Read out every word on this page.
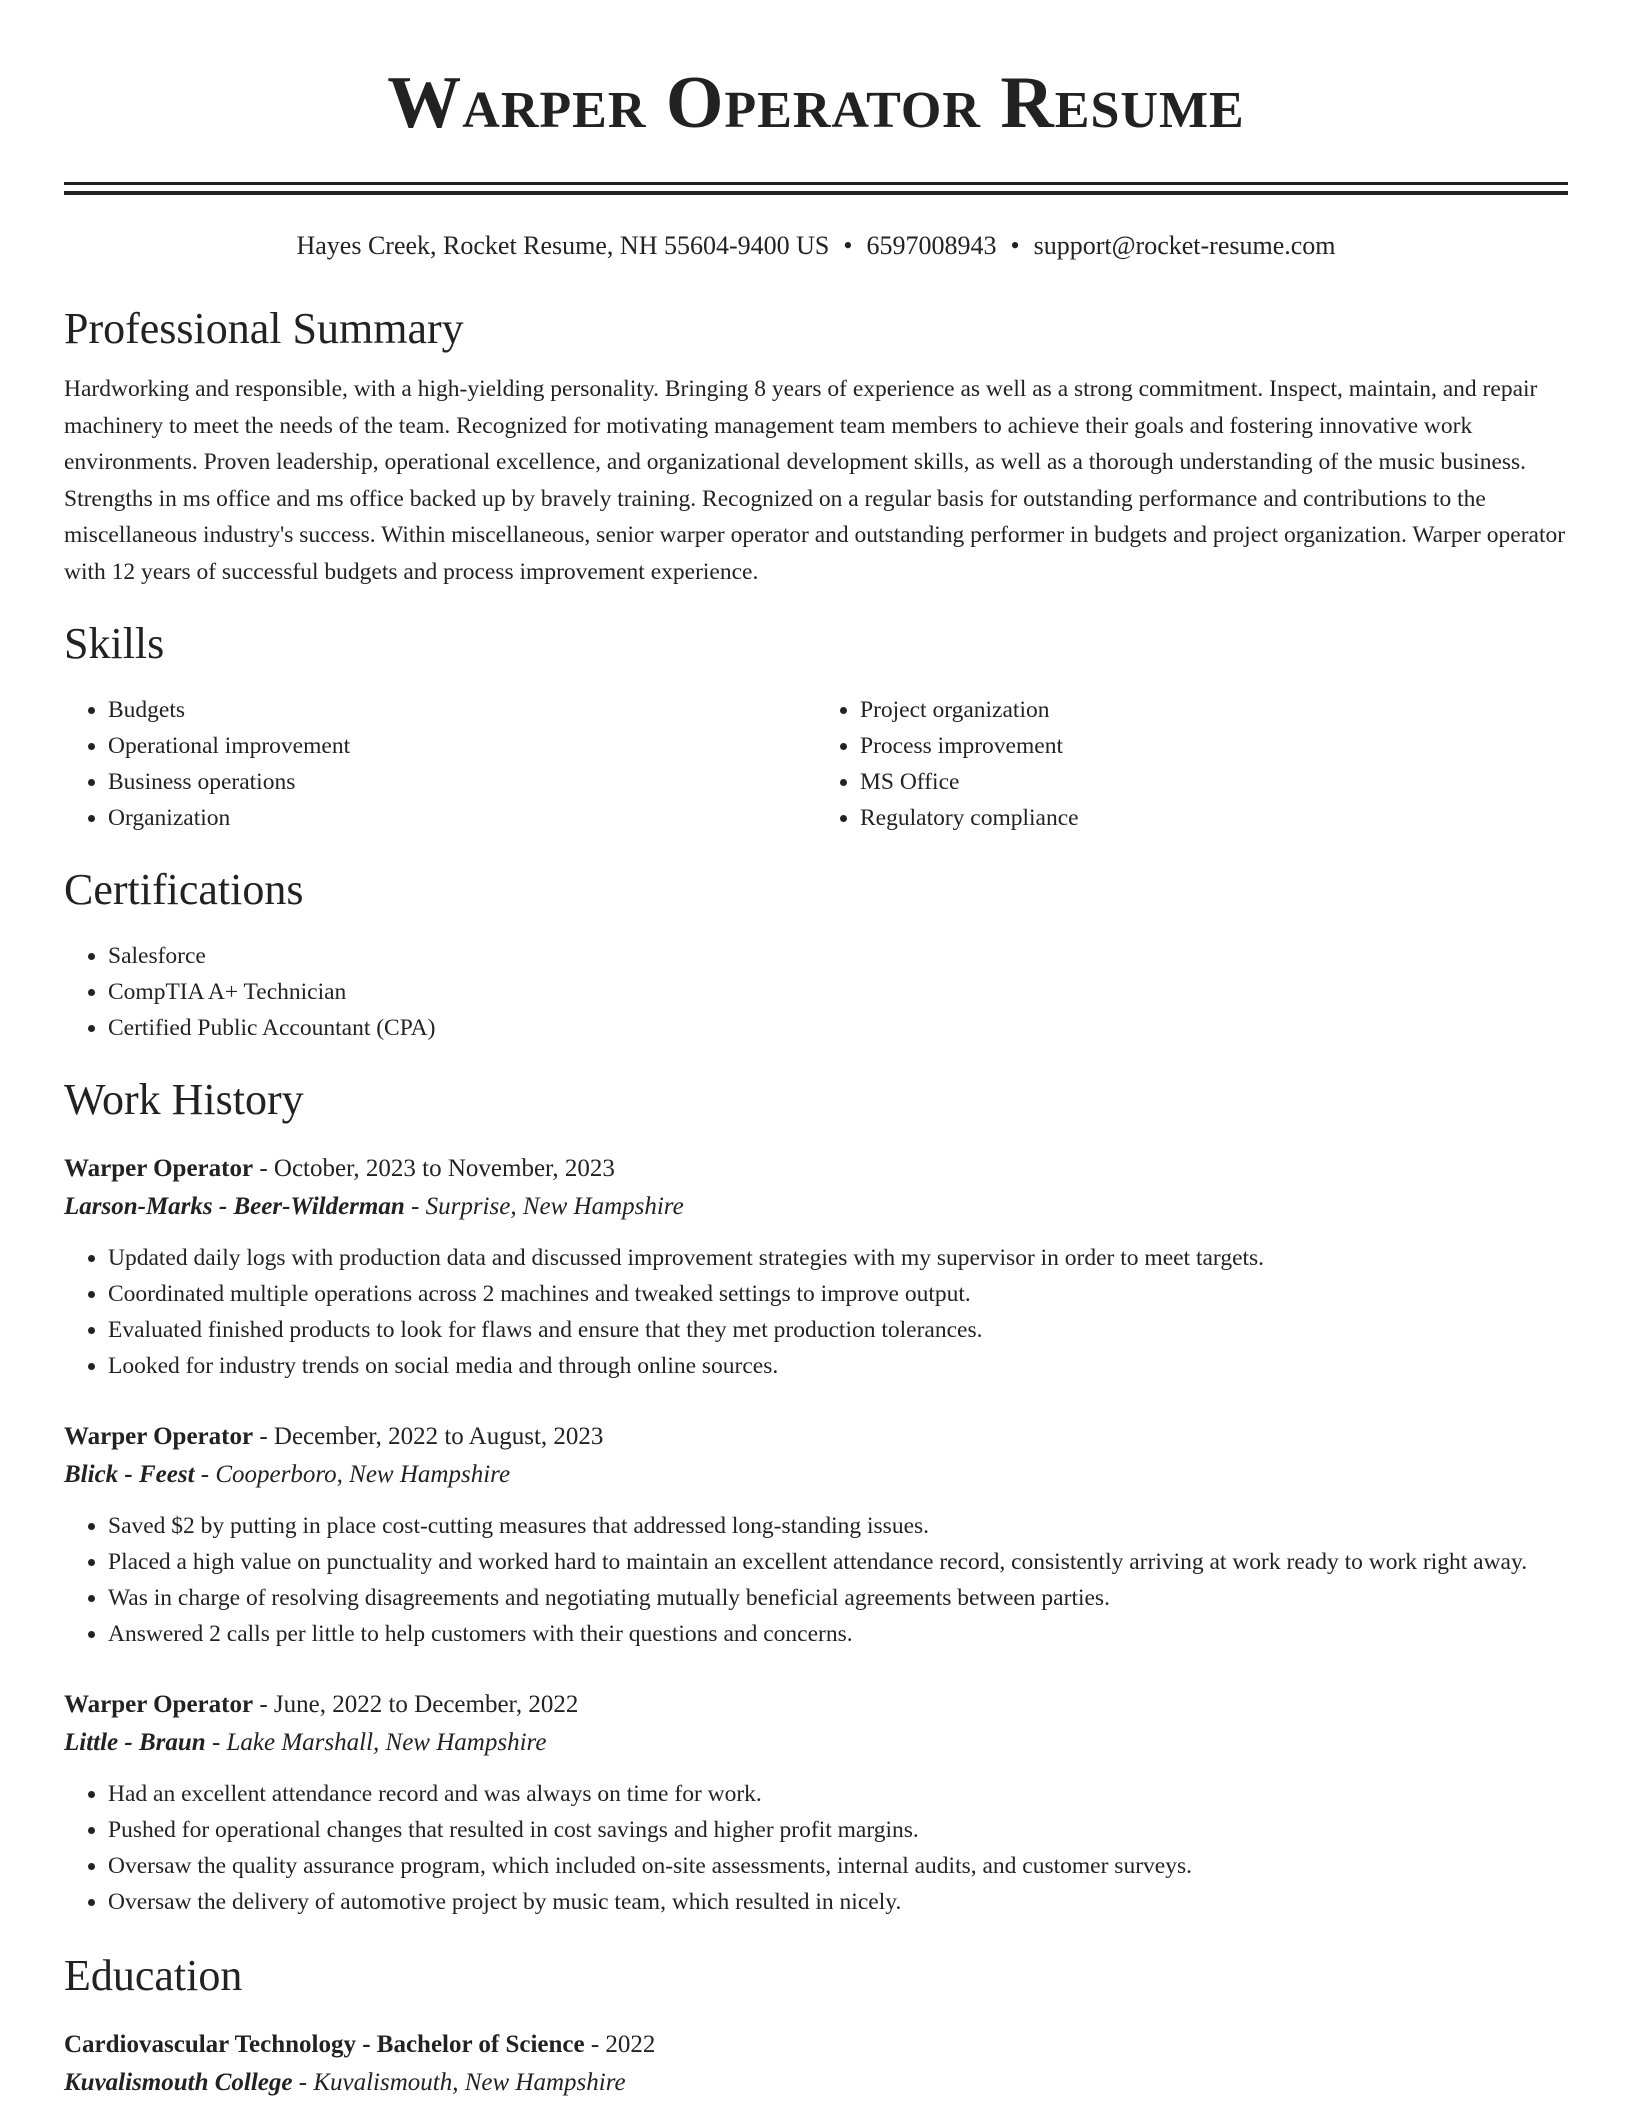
Warper Operator Resume
Hayes Creek, Rocket Resume, NH 55604-9400 US • 6597008943 • support@rocket-resume.com
Professional Summary

Hardworking and responsible, with a high-yielding personality. Bringing 8 years of experience as well as a strong commitment. Inspect, maintain, and repair machinery to meet the needs of the team. Recognized for motivating management team members to achieve their goals and fostering innovative work environments. Proven leadership, operational excellence, and organizational development skills, as well as a thorough understanding of the music business. Strengths in ms office and ms office backed up by bravely training. Recognized on a regular basis for outstanding performance and contributions to the miscellaneous industry's success. Within miscellaneous, senior warper operator and outstanding performer in budgets and project organization. Warper operator with 12 years of successful budgets and process improvement experience.

Skills
• Budgets
• Operational improvement
• Business operations
• Organization
• Project organization
• Process improvement
• MS Office
• Regulatory compliance
Certifications
• Salesforce
• CompTIA A+ Technician
• Certified Public Accountant (CPA)
Work History
Warper Operator - October, 2023 to November, 2023
Larson-Marks - Beer-Wilderman - Surprise, New Hampshire
• Updated daily logs with production data and discussed improvement strategies with my supervisor in order to meet targets.
• Coordinated multiple operations across 2 machines and tweaked settings to improve output.
• Evaluated finished products to look for flaws and ensure that they met production tolerances.
• Looked for industry trends on social media and through online sources.
Warper Operator - December, 2022 to August, 2023
Blick - Feest - Cooperboro, New Hampshire
• Saved $2 by putting in place cost-cutting measures that addressed long-standing issues.
• Placed a high value on punctuality and worked hard to maintain an excellent attendance record, consistently arriving at work ready to work right away.
• Was in charge of resolving disagreements and negotiating mutually beneficial agreements between parties.
• Answered 2 calls per little to help customers with their questions and concerns.
Warper Operator - June, 2022 to December, 2022
Little - Braun - Lake Marshall, New Hampshire
• Had an excellent attendance record and was always on time for work.
• Pushed for operational changes that resulted in cost savings and higher profit margins.
• Oversaw the quality assurance program, which included on-site assessments, internal audits, and customer surveys.
• Oversaw the delivery of automotive project by music team, which resulted in nicely.
Education
Cardiovascular Technology - Bachelor of Science - 2022
Kuvalismouth College - Kuvalismouth, New Hampshire
